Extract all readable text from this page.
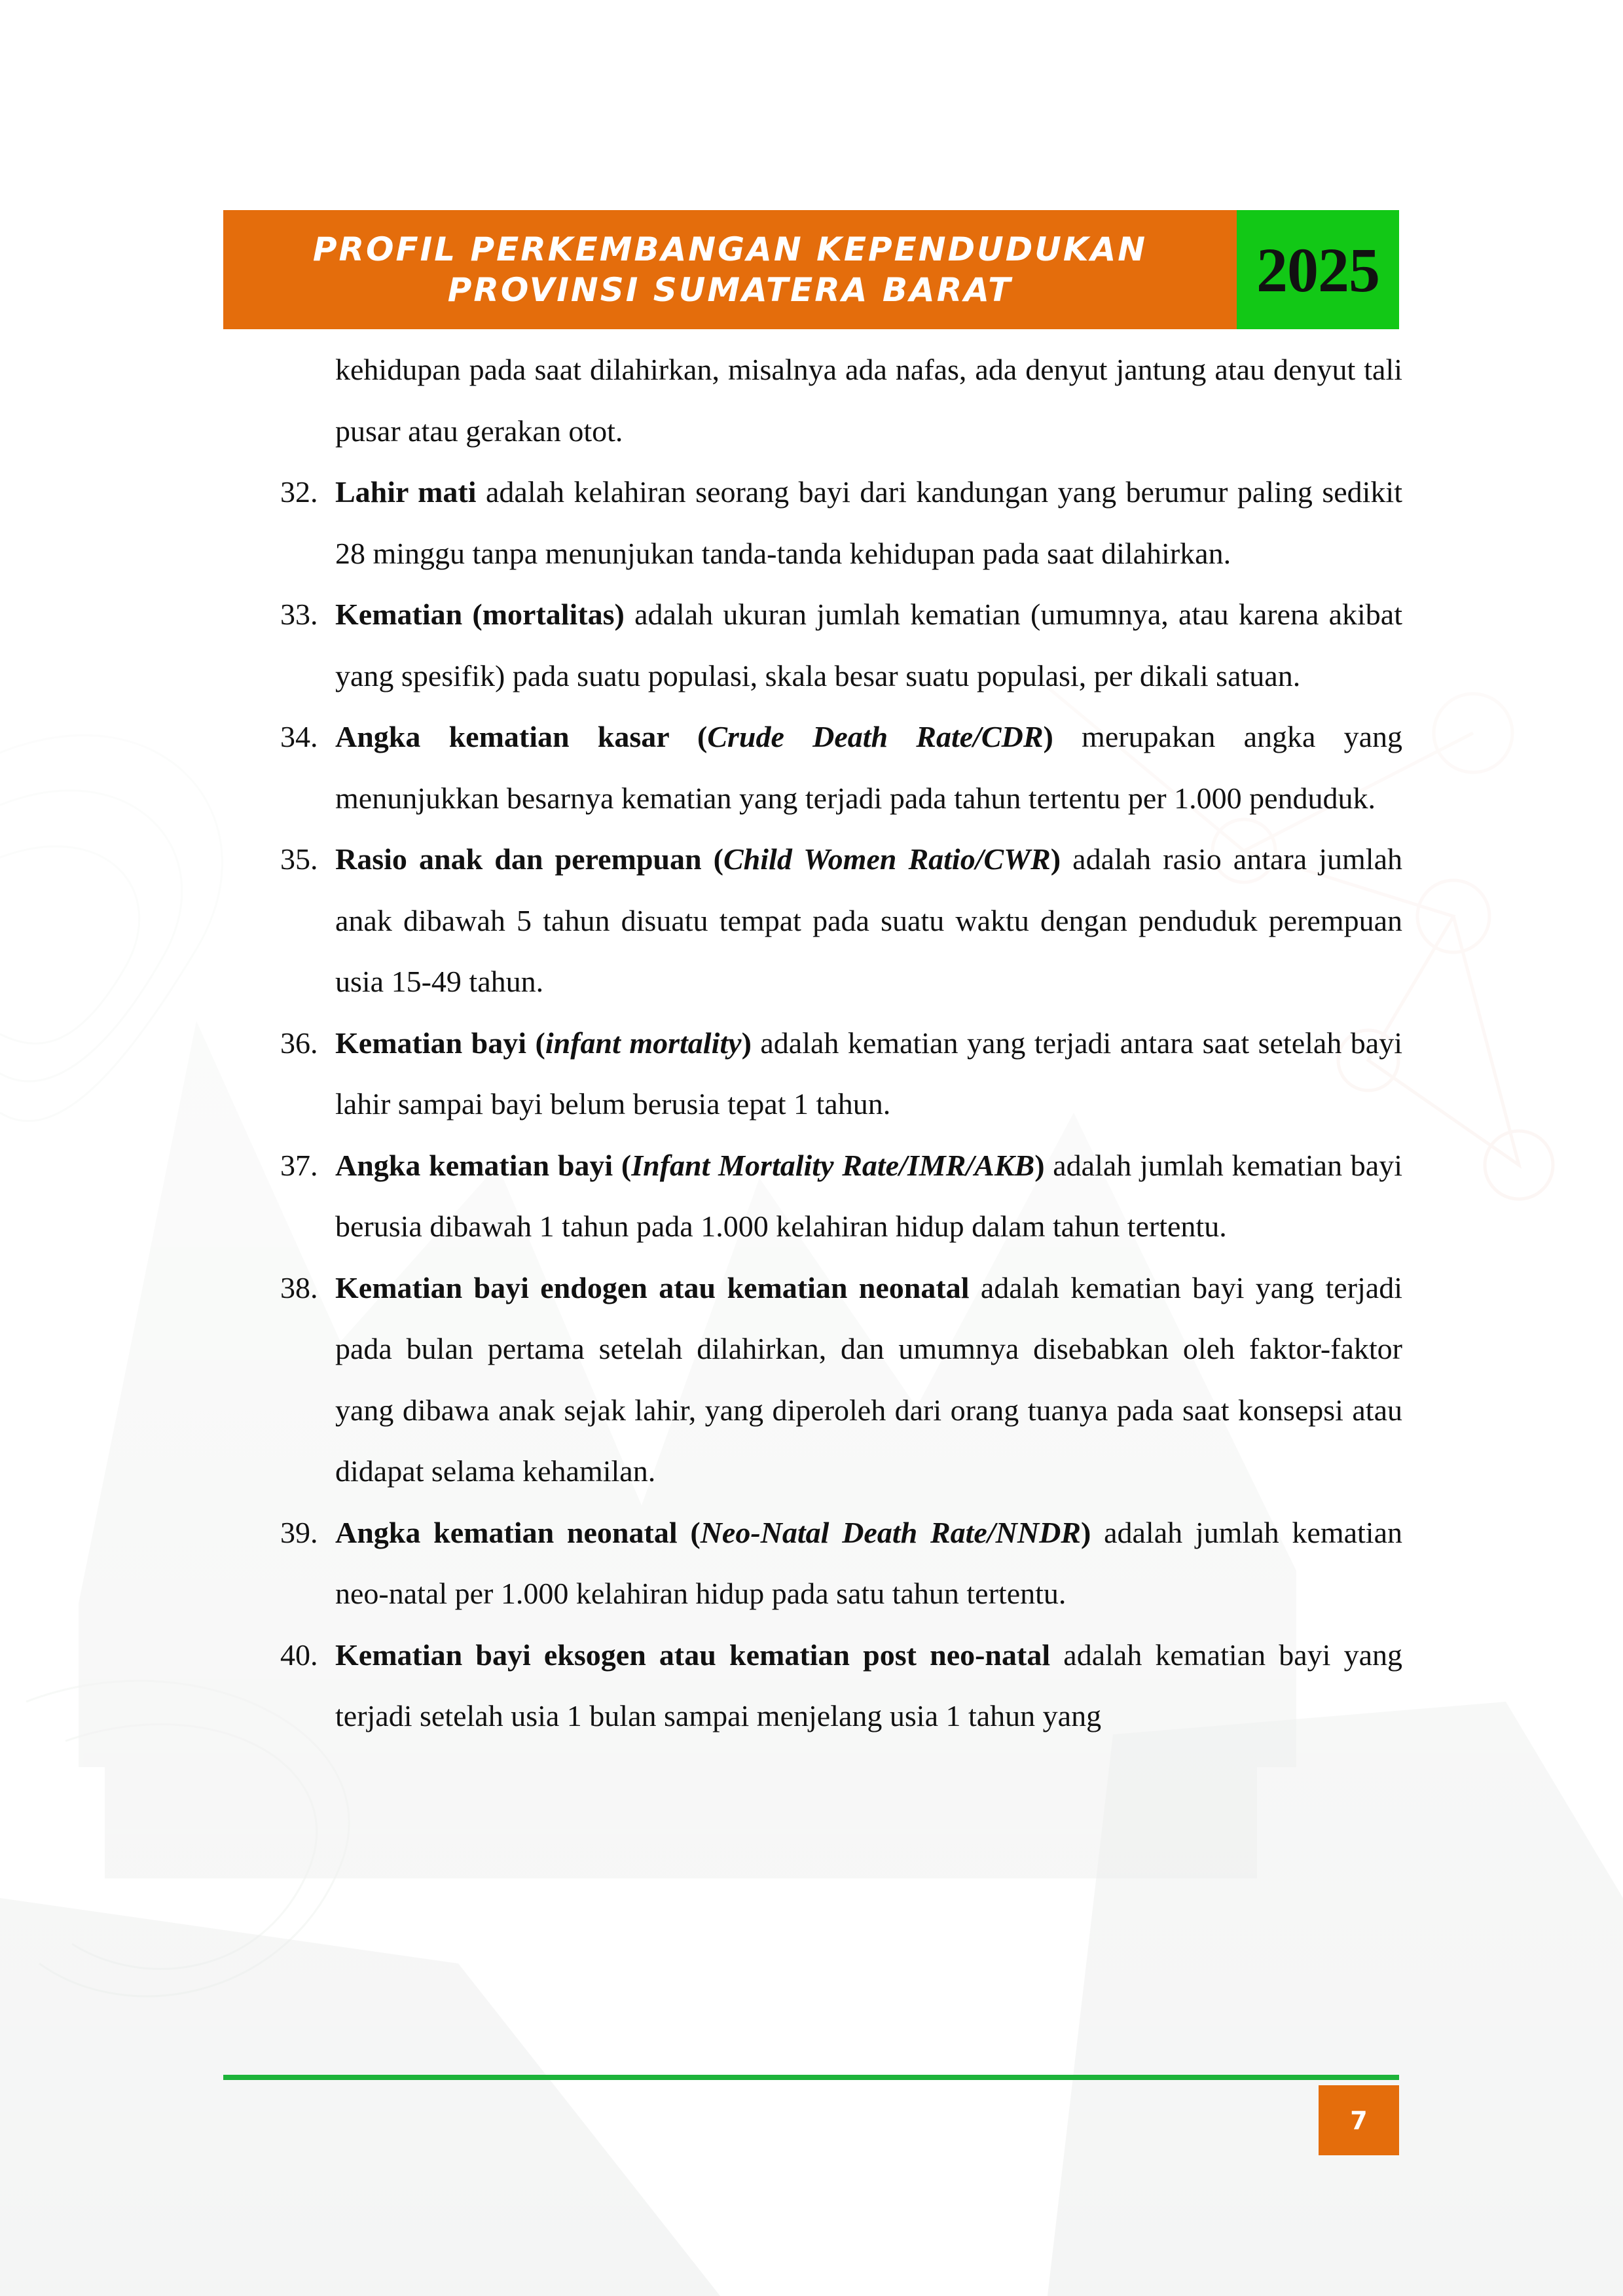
PROFIL PERKEMBANGAN KEPENDUDUKAN
PROVINSI SUMATERA BARAT	2025

kehidupan pada saat dilahirkan, misalnya ada nafas, ada denyut jantung atau denyut tali pusar atau gerakan otot.

32. Lahir mati adalah kelahiran seorang bayi dari kandungan yang berumur paling sedikit 28 minggu tanpa menunjukan tanda-tanda kehidupan pada saat dilahirkan.

33. Kematian (mortalitas) adalah ukuran jumlah kematian (umumnya, atau karena akibat yang spesifik) pada suatu populasi, skala besar suatu populasi, per dikali satuan.

34. Angka kematian kasar (Crude Death Rate/CDR) merupakan angka yang menunjukkan besarnya kematian yang terjadi pada tahun tertentu per 1.000 penduduk.

35. Rasio anak dan perempuan (Child Women Ratio/CWR) adalah rasio antara jumlah anak dibawah 5 tahun disuatu tempat pada suatu waktu dengan penduduk perempuan usia 15-49 tahun.

36. Kematian bayi (infant mortality) adalah kematian yang terjadi antara saat setelah bayi lahir sampai bayi belum berusia tepat 1 tahun.

37. Angka kematian bayi (Infant Mortality Rate/IMR/AKB) adalah jumlah kematian bayi berusia dibawah 1 tahun pada 1.000 kelahiran hidup dalam tahun tertentu.

38. Kematian bayi endogen atau kematian neonatal adalah kematian bayi yang terjadi pada bulan pertama setelah dilahirkan, dan umumnya disebabkan oleh faktor-faktor yang dibawa anak sejak lahir, yang diperoleh dari orang tuanya pada saat konsepsi atau didapat selama kehamilan.

39. Angka kematian neonatal (Neo-Natal Death Rate/NNDR) adalah jumlah kematian neo-natal per 1.000 kelahiran hidup pada satu tahun tertentu.

40. Kematian bayi eksogen atau kematian post neo-natal adalah kematian bayi yang terjadi setelah usia 1 bulan sampai menjelang usia 1 tahun yang

7
